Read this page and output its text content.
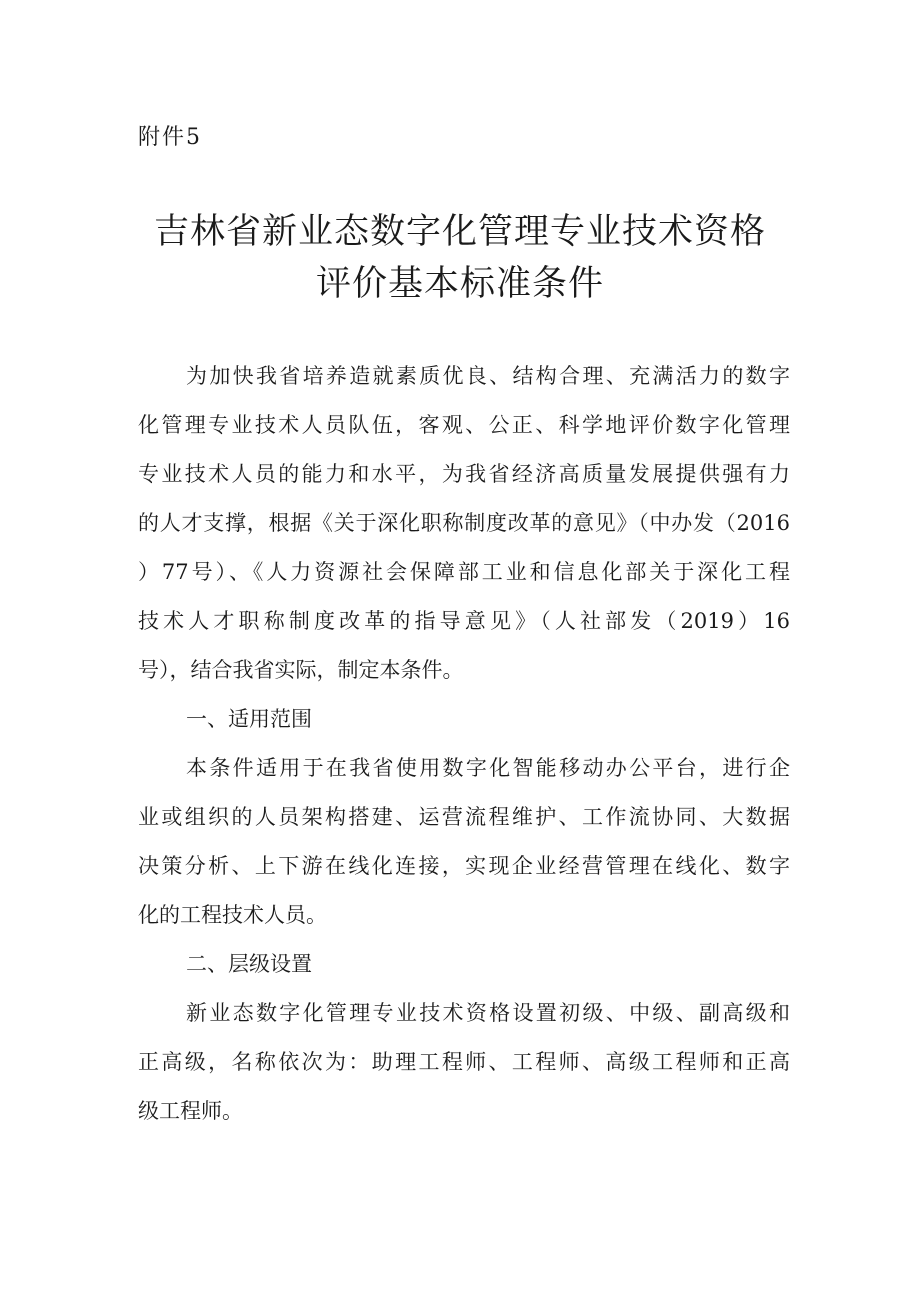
附件5
吉林省新业态数字化管理专业技术资格
评价基本标准条件
为加快我省培养造就素质优良、结构合理、充满活力的数字
化管理专业技术人员队伍，客观、公正、科学地评价数字化管理
专业技术人员的能力和水平，为我省经济高质量发展提供强有力
的人才支撑，根据《关于深化职称制度改革的意见》（中办发（2016
）77号）、《人力资源社会保障部工业和信息化部关于深化工程
技术人才职称制度改革的指导意见》（人社部发（2019）16
号），结合我省实际，制定本条件。
一、适用范围
本条件适用于在我省使用数字化智能移动办公平台，进行企
业或组织的人员架构搭建、运营流程维护、工作流协同、大数据
决策分析、上下游在线化连接，实现企业经营管理在线化、数字
化的工程技术人员。
二、层级设置
新业态数字化管理专业技术资格设置初级、中级、副高级和
正高级，名称依次为：助理工程师、工程师、高级工程师和正高
级工程师。
